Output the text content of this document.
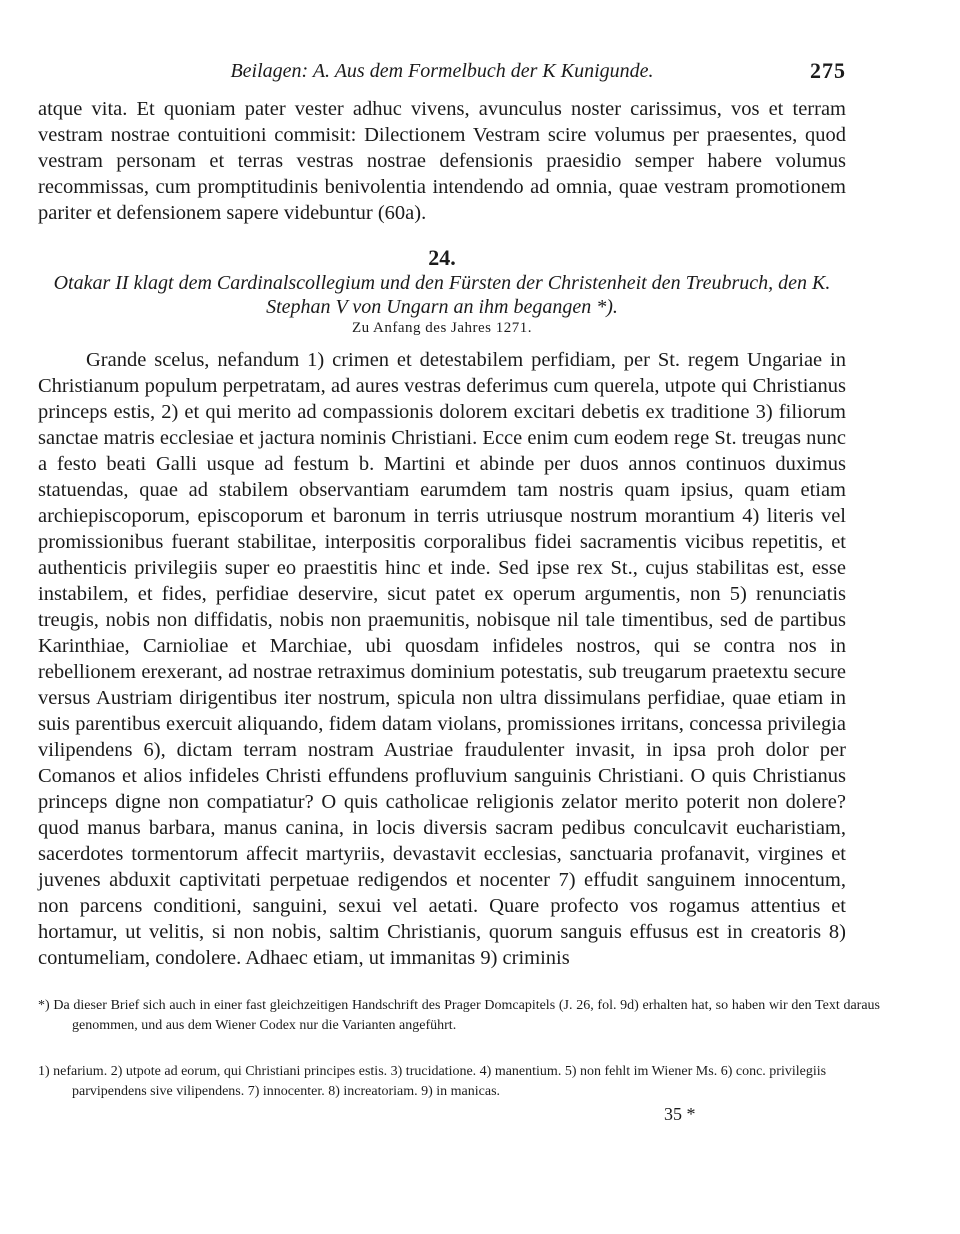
Beilagen: A. Aus dem Formelbuch der K Kunigunde.	275

atque vita. Et quoniam pater vester adhuc vivens, avunculus noster carissimus, vos et terram vestram nostrae contuitioni commisit: Dilectionem Vestram scire volumus per praesentes, quod vestram personam et terras vestras nostrae defensionis praesidio semper habere volumus recommissas, cum promptitudinis benivolentia intendendo ad omnia, quae vestram promotionem pariter et defensionem sapere videbuntur (60a).

24.

Otakar II klagt dem Cardinalscollegium und den Fürsten der Christenheit den Treubruch, den K. Stephan V von Ungarn an ihm begangen *).

Zu Anfang des Jahres 1271.

Grande scelus, nefandum 1) crimen et detestabilem perfidiam, per St. regem Ungariae in Christianum populum perpetratam, ad aures vestras deferimus cum querela, utpote qui Christianus princeps estis, 2) et qui merito ad compassionis dolorem excitari debetis ex traditione 3) filiorum sanctae matris ecclesiae et jactura nominis Christiani. Ecce enim cum eodem rege St. treugas nunc a festo beati Galli usque ad festum b. Martini et abinde per duos annos continuos duximus statuendas, quae ad stabilem observantiam earumdem tam nostris quam ipsius, quam etiam archiepiscoporum, episcoporum et baronum in terris utriusque nostrum morantium 4) literis vel promissionibus fuerant stabilitae, interpositis corporalibus fidei sacramentis vicibus repetitis, et authenticis privilegiis super eo praestitis hinc et inde. Sed ipse rex St., cujus stabilitas est, esse instabilem, et fides, perfidiae deservire, sicut patet ex operum argumentis, non 5) renunciatis treugis, nobis non diffidatis, nobis non praemunitis, nobisque nil tale timentibus, sed de partibus Karinthiae, Carnioliae et Marchiae, ubi quosdam infideles nostros, qui se contra nos in rebellionem erexerant, ad nostrae retraximus dominium potestatis, sub treugarum praetextu secure versus Austriam dirigentibus iter nostrum, spicula non ultra dissimulans perfidiae, quae etiam in suis parentibus exercuit aliquando, fidem datam violans, promissiones irritans, concessa privilegia vilipendens 6), dictam terram nostram Austriae fraudulenter invasit, in ipsa proh dolor per Comanos et alios infideles Christi effundens profluvium sanguinis Christiani. O quis Christianus princeps digne non compatiatur? O quis catholicae religionis zelator merito poterit non dolere? quod manus barbara, manus canina, in locis diversis sacram pedibus conculcavit eucharistiam, sacerdotes tormentorum affecit martyriis, devastavit ecclesias, sanctuaria profanavit, virgines et juvenes abduxit captivitati perpetuae redigendos et nocenter 7) effudit sanguinem innocentum, non parcens conditioni, sanguini, sexui vel aetati. Quare profecto vos rogamus attentius et hortamur, ut velitis, si non nobis, saltim Christianis, quorum sanguis effusus est in creatoris 8) contumeliam, condolere. Adhaec etiam, ut immanitas 9) criminis

*) Da dieser Brief sich auch in einer fast gleichzeitigen Handschrift des Prager Domcapitels (J. 26, fol. 9d) erhalten hat, so haben wir den Text daraus genommen, und aus dem Wiener Codex nur die Varianten angeführt.

1) nefarium. 2) utpote ad eorum, qui Christiani principes estis. 3) trucidatione. 4) manentium. 5) non fehlt im Wiener Ms. 6) conc. privilegiis parvipendens sive vilipendens. 7) innocenter. 8) increatoriam. 9) in manicas.

35 *
